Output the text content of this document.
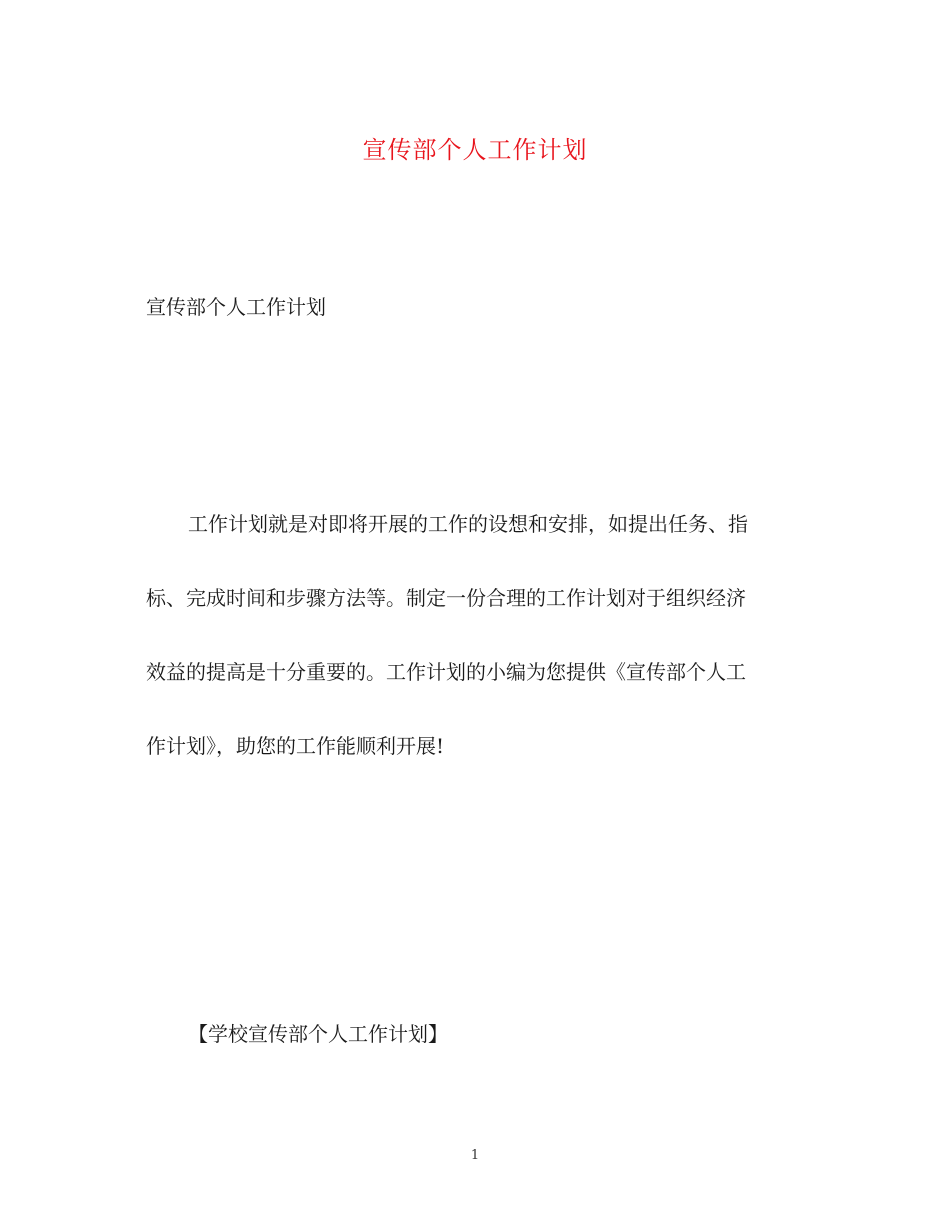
宣传部个人工作计划
宣传部个人工作计划
工作计划就是对即将开展的工作的设想和安排，如提出任务、指
标、完成时间和步骤方法等。制定一份合理的工作计划对于组织经济
效益的提高是十分重要的。工作计划的小编为您提供《宣传部个人工
作计划》，助您的工作能顺利开展!
【学校宣传部个人工作计划】
1
